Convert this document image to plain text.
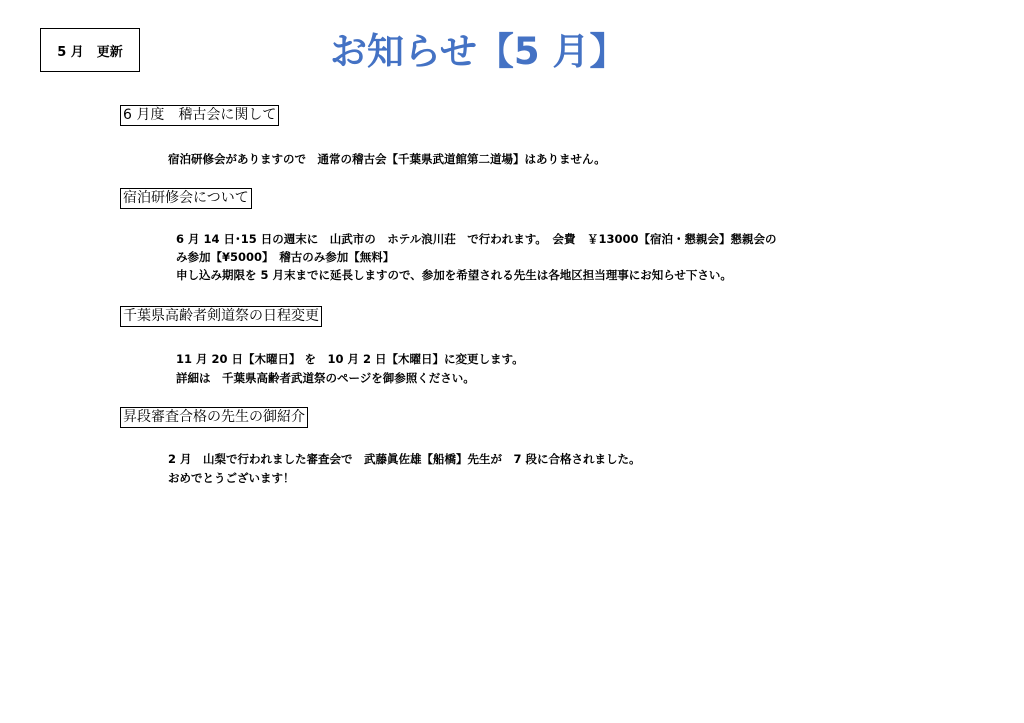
5 月　更新	お知らせ【5 月】
6 月度　稽古会に関して
宿泊研修会がありますので　通常の稽古会【千葉県武道館第二道場】はありません。
宿泊研修会について
6 月 14 日･15 日の週末に　山武市の　ホテル浪川荘　で行われます。　会費　￥13000【宿泊・懇親会】懇親会の
み参加【¥5000】　稽古のみ参加【無料】
申し込み期限を 5 月末までに延長しますので、参加を希望される先生は各地区担当理事にお知らせ下さい。
千葉県高齢者剣道祭の日程変更
11 月 20 日【木曜日】 を　10 月 2 日【木曜日】に変更します。
詳細は　千葉県高齢者武道祭のページを御参照ください。
昇段審査合格の先生の御紹介
2 月　山梨で行われました審査会で　武藤眞佐雄【船橋】先生が　7 段に合格されました。
おめでとうございます！
